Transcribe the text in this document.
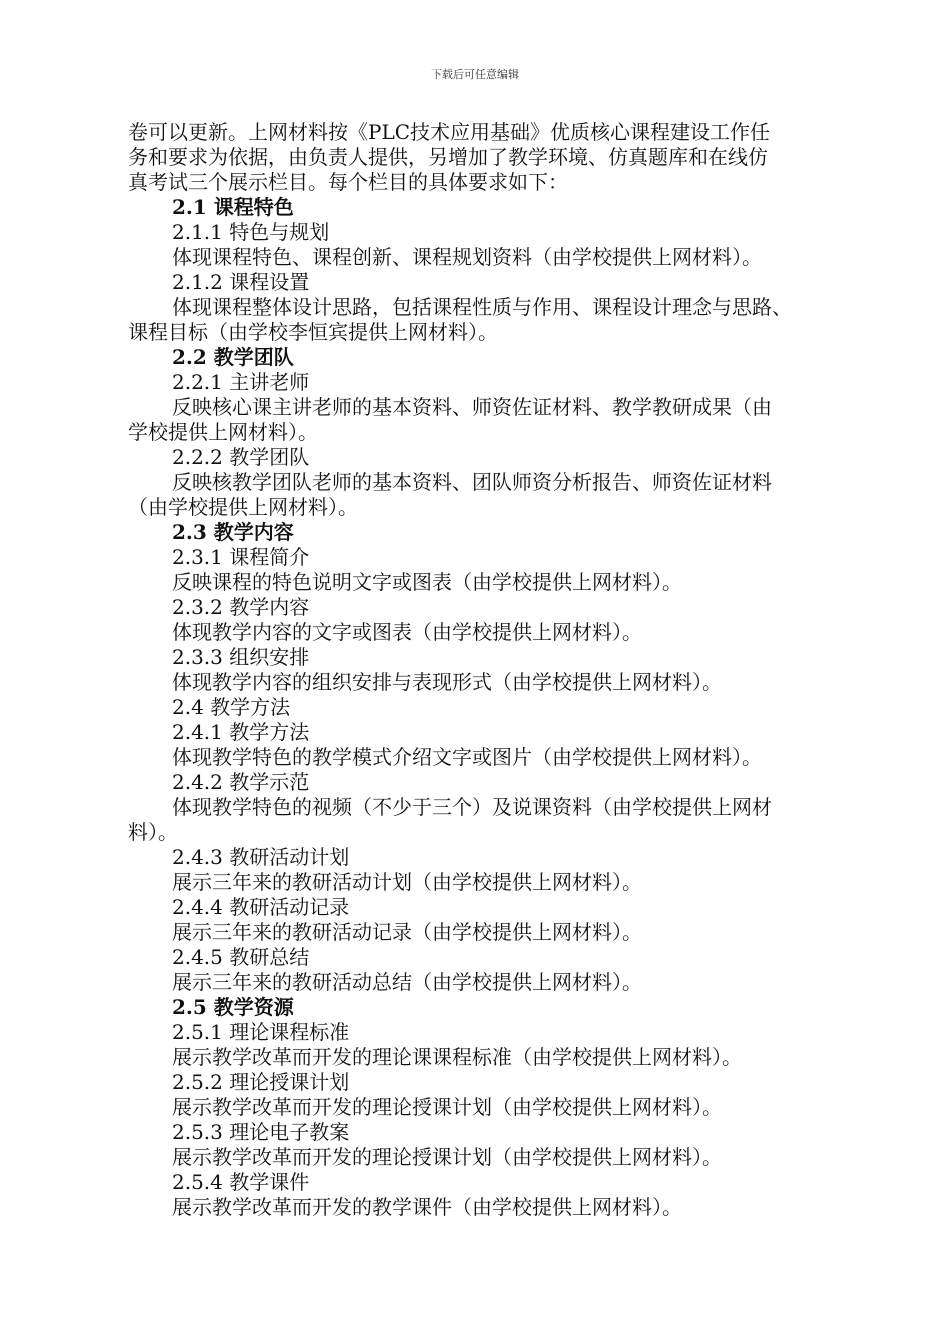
下载后可任意编辑
卷可以更新。上网材料按《PLC技术应用基础》优质核心课程建设工作任
务和要求为依据，由负责人提供，另增加了教学环境、仿真题库和在线仿
真考试三个展示栏目。每个栏目的具体要求如下：
2.1 课程特色
2.1.1 特色与规划
体现课程特色、课程创新、课程规划资料（由学校提供上网材料）。
2.1.2 课程设置
体现课程整体设计思路，包括课程性质与作用、课程设计理念与思路、
课程目标（由学校李恒宾提供上网材料）。
2.2 教学团队
2.2.1 主讲老师
反映核心课主讲老师的基本资料、师资佐证材料、教学教研成果（由
学校提供上网材料）。
2.2.2 教学团队
反映核教学团队老师的基本资料、团队师资分析报告、师资佐证材料
（由学校提供上网材料）。
2.3 教学内容
2.3.1 课程简介
反映课程的特色说明文字或图表（由学校提供上网材料）。
2.3.2 教学内容
体现教学内容的文字或图表（由学校提供上网材料）。
2.3.3 组织安排
体现教学内容的组织安排与表现形式（由学校提供上网材料）。
2.4 教学方法
2.4.1 教学方法
体现教学特色的教学模式介绍文字或图片（由学校提供上网材料）。
2.4.2 教学示范
体现教学特色的视频（不少于三个）及说课资料（由学校提供上网材
料）。
2.4.3 教研活动计划
展示三年来的教研活动计划（由学校提供上网材料）。
2.4.4 教研活动记录
展示三年来的教研活动记录（由学校提供上网材料）。
2.4.5 教研总结
展示三年来的教研活动总结（由学校提供上网材料）。
2.5 教学资源
2.5.1 理论课程标准
展示教学改革而开发的理论课课程标准（由学校提供上网材料）。
2.5.2 理论授课计划
展示教学改革而开发的理论授课计划（由学校提供上网材料）。
2.5.3 理论电子教案
展示教学改革而开发的理论授课计划（由学校提供上网材料）。
2.5.4 教学课件
展示教学改革而开发的教学课件（由学校提供上网材料）。
